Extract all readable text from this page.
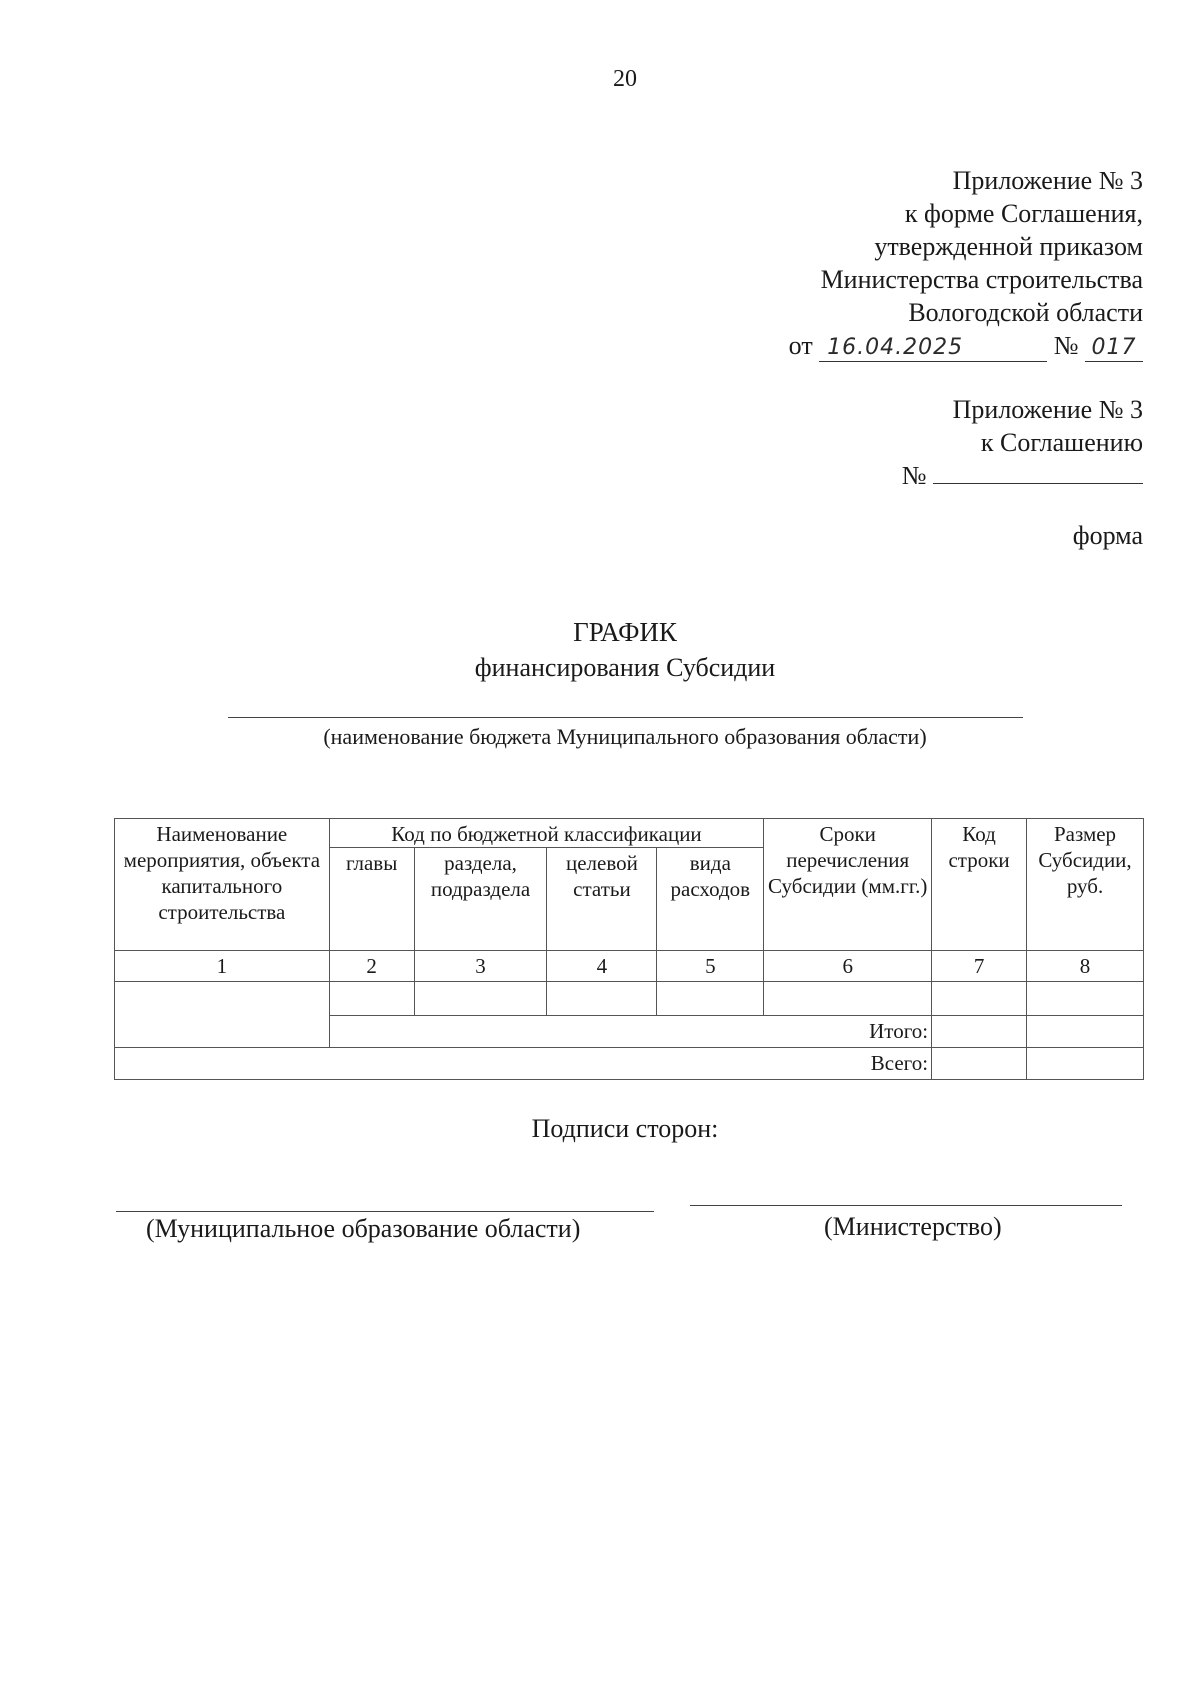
20
Приложение № 3
к форме Соглашения,
утвержденной приказом
Министерства строительства
Вологодской области
от 16.04.2025	№ 017
Приложение № 3
к Соглашению
№
форма
ГРАФИК
финансирования Субсидии
(наименование бюджета Муниципального образования области)
Наименование мероприятия, объекта капитального строительства	Код по бюджетной классификации				Сроки перечисления Субсидии (мм.гг.)	Код строки	Размер Субсидии, руб.
	главы	раздела, подраздела	целевой статьи	вида расходов			
1	2	3	4	5	6	7	8

	Итого:						
Всего:							
Подписи сторон:
(Муниципальное образование области)	(Министерство)
